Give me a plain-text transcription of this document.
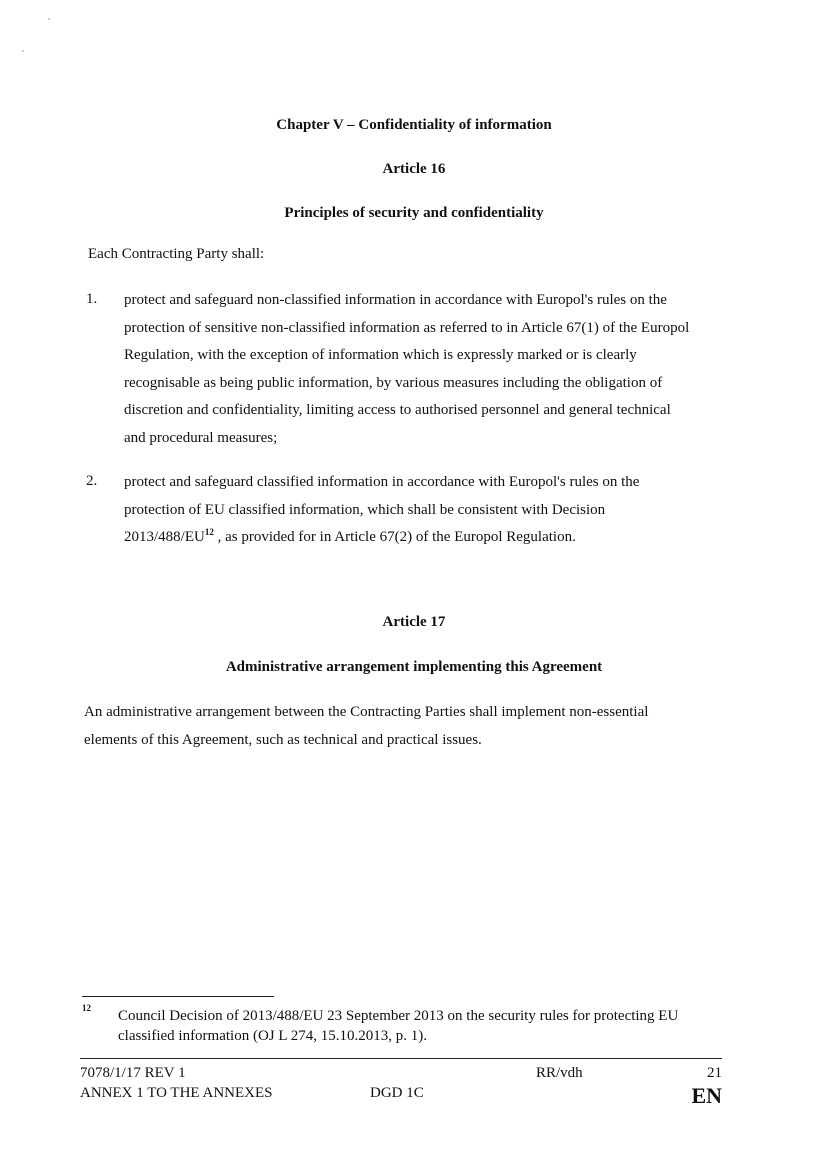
Chapter V – Confidentiality of information
Article 16
Principles of security and confidentiality
Each Contracting Party shall:
1. protect and safeguard non-classified information in accordance with Europol's rules on the
protection of sensitive non-classified information as referred to in Article 67(1) of the Europol
Regulation, with the exception of information which is expressly marked or is clearly
recognisable as being public information, by various measures including the obligation of
discretion and confidentiality, limiting access to authorised personnel and general technical
and procedural measures;
2. protect and safeguard classified information in accordance with Europol's rules on the
protection of EU classified information, which shall be consistent with Decision
2013/488/EU$^{12}$ , as provided for in Article 67(2) of the Europol Regulation.
Article 17
Administrative arrangement implementing this Agreement
An administrative arrangement between the Contracting Parties shall implement non-essential
elements of this Agreement, such as technical and practical issues.
12 Council Decision of 2013/488/EU 23 September 2013 on the security rules for protecting EU
classified information (OJ L 274, 15.10.2013, p. 1).
7078/1/17 REV 1
ANNEX 1 TO THE ANNEXES
RR/vdh
DGD 1C
21
EN
